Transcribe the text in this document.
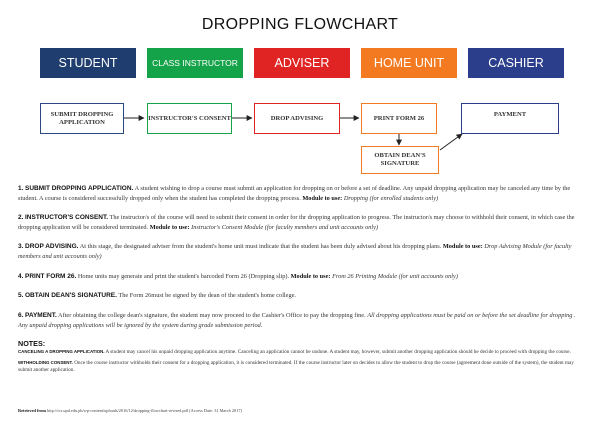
DROPPING FLOWCHART
STUDENT	CLASS INSTRUCTOR	ADVISER	HOME UNIT	CASHIER
SUBMIT DROPPING APPLICATION
INSTRUCTOR'S CONSENT	DROP ADVISING	PRINT FORM 26
PAYMENT
OBTAIN DEAN'S SIGNATURE

1. SUBMIT DROPPING APPLICATION. A student wishing to drop a course must submit an application for dropping on or before a set of deadline. Any unpaid dropping application may be canceled any time by the student. A course is considered successfully dropped only when the student has completed the dropping process. Module to use: Dropping (for enrolled students only)

2. INSTRUCTOR'S CONSENT. The instructor/s of the course will need to submit their consent in order for thr dropping application to progress. The instructor/s may choose to withhold their consent, in which case the dropping application will be considered terminated. Module to use: Instructor's Consent Module (for faculty members and unit accounts only)

3. DROP ADVISING. At this stage, the designated adviser from the student's home unit must indicate that the student has been duly advised about his dropping plans. Module to use: Drop Advising Module (for faculty members and unit accounts only)

4. PRINT FORM 26. Home units may generate and print the student's barcoded Form 26 (Dropping slip). Module to use: From 26 Printing Module (for unit accounts only)

5. OBTAIN DEAN'S SIGNATURE. The Form 26must be signed by the dean of the student's home college.

6. PAYMENT. After obtaining the college dean's signature, the student may now proceed to the Cashier's Office to pay the dropping fine. All dropping applications must be paid on or before the set deadline for dropping . Any unpaid dropping applications will be ignored by the system during grade submission period.

NOTES:

CANCELING A DROPPING APPLICATION. A student may cancel his unpaid dropping application anytime. Canceling an application cannot be undone. A student may, however, submit another dropping application should he decide to proceed with dropping the course.

WITHHOLDING CONSENT. Once the course instructor withholds their consent for a dropping application, it is considered terminated. If the course instructor later on decides to allow the student to drop the course (agreement done outside of the system), the student may submit another application.

Retrieved from http://crs.upd.edu.ph/wp-content/uploads/2016/12/dropping-flowchart-revised.pdf (Access Date: 31 March 2017)
